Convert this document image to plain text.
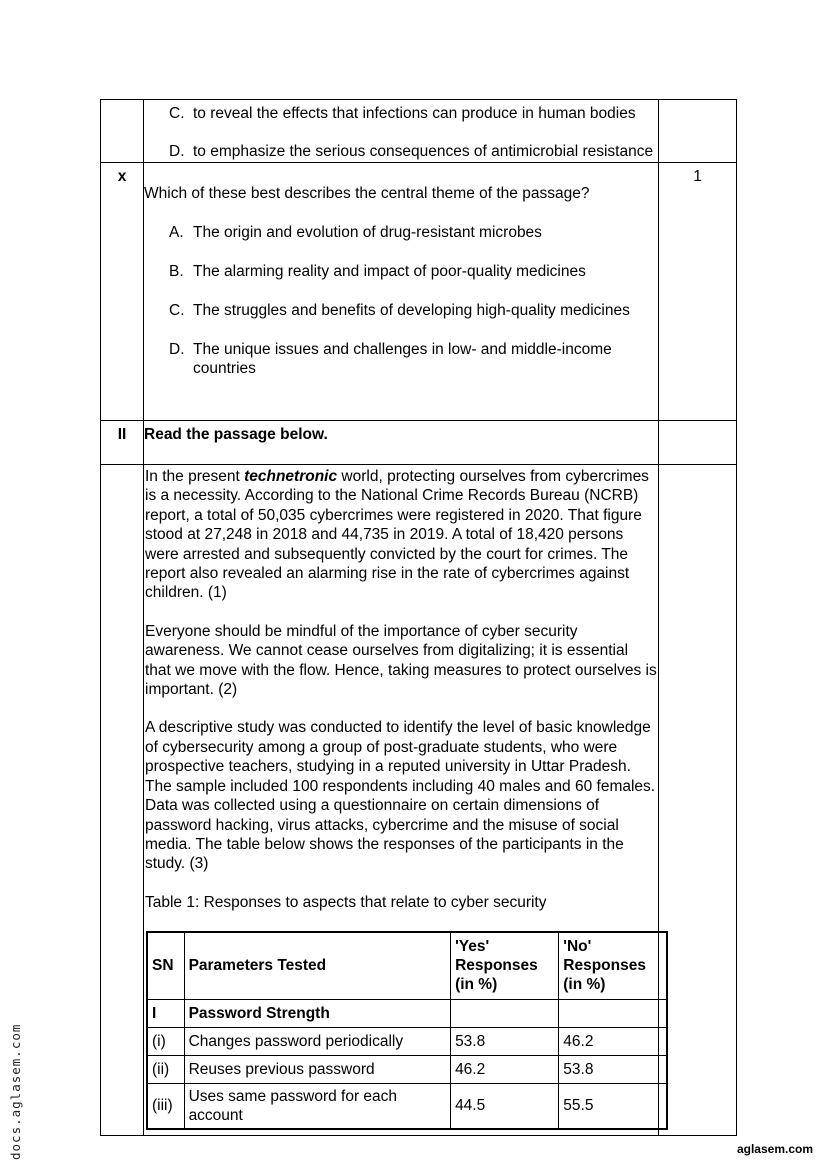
C. to reveal the effects that infections can produce in human bodies
D. to emphasize the serious consequences of antimicrobial resistance

x	
Which of these best describes the central theme of the passage?
A. The origin and evolution of drug-resistant microbes
B. The alarming reality and impact of poor-quality medicines
C. The struggles and benefits of developing high-quality medicines
D. The unique issues and challenges in low- and middle-income countries
	1
II	Read the passage below.	

In the present technetronic world, protecting ourselves from cybercrimes is a necessity. According to the National Crime Records Bureau (NCRB) report, a total of 50,035 cybercrimes were registered in 2020. That figure stood at 27,248 in 2018 and 44,735 in 2019. A total of 18,420 persons were arrested and subsequently convicted by the court for crimes. The report also revealed an alarming rise in the rate of cybercrimes against children. (1)

Everyone should be mindful of the importance of cyber security awareness. We cannot cease ourselves from digitalizing; it is essential that we move with the flow. Hence, taking measures to protect ourselves is important. (2)

A descriptive study was conducted to identify the level of basic knowledge of cybersecurity among a group of post-graduate students, who were prospective teachers, studying in a reputed university in Uttar Pradesh. The sample included 100 respondents including 40 males and 60 females. Data was collected using a questionnaire on certain dimensions of password hacking, virus attacks, cybercrime and the misuse of social media. The table below shows the responses of the participants in the study. (3)

Table 1: Responses to aspects that relate to cyber security

SN	Parameters Tested	'Yes' Responses (in %)	'No' Responses (in %)
I	Password Strength		
(i)	Changes password periodically	53.8	46.2
(ii)	Reuses previous password	46.2	53.8
(iii)	Uses same password for each account	44.5	55.5

docs.aglasem.com	aglasem.com
